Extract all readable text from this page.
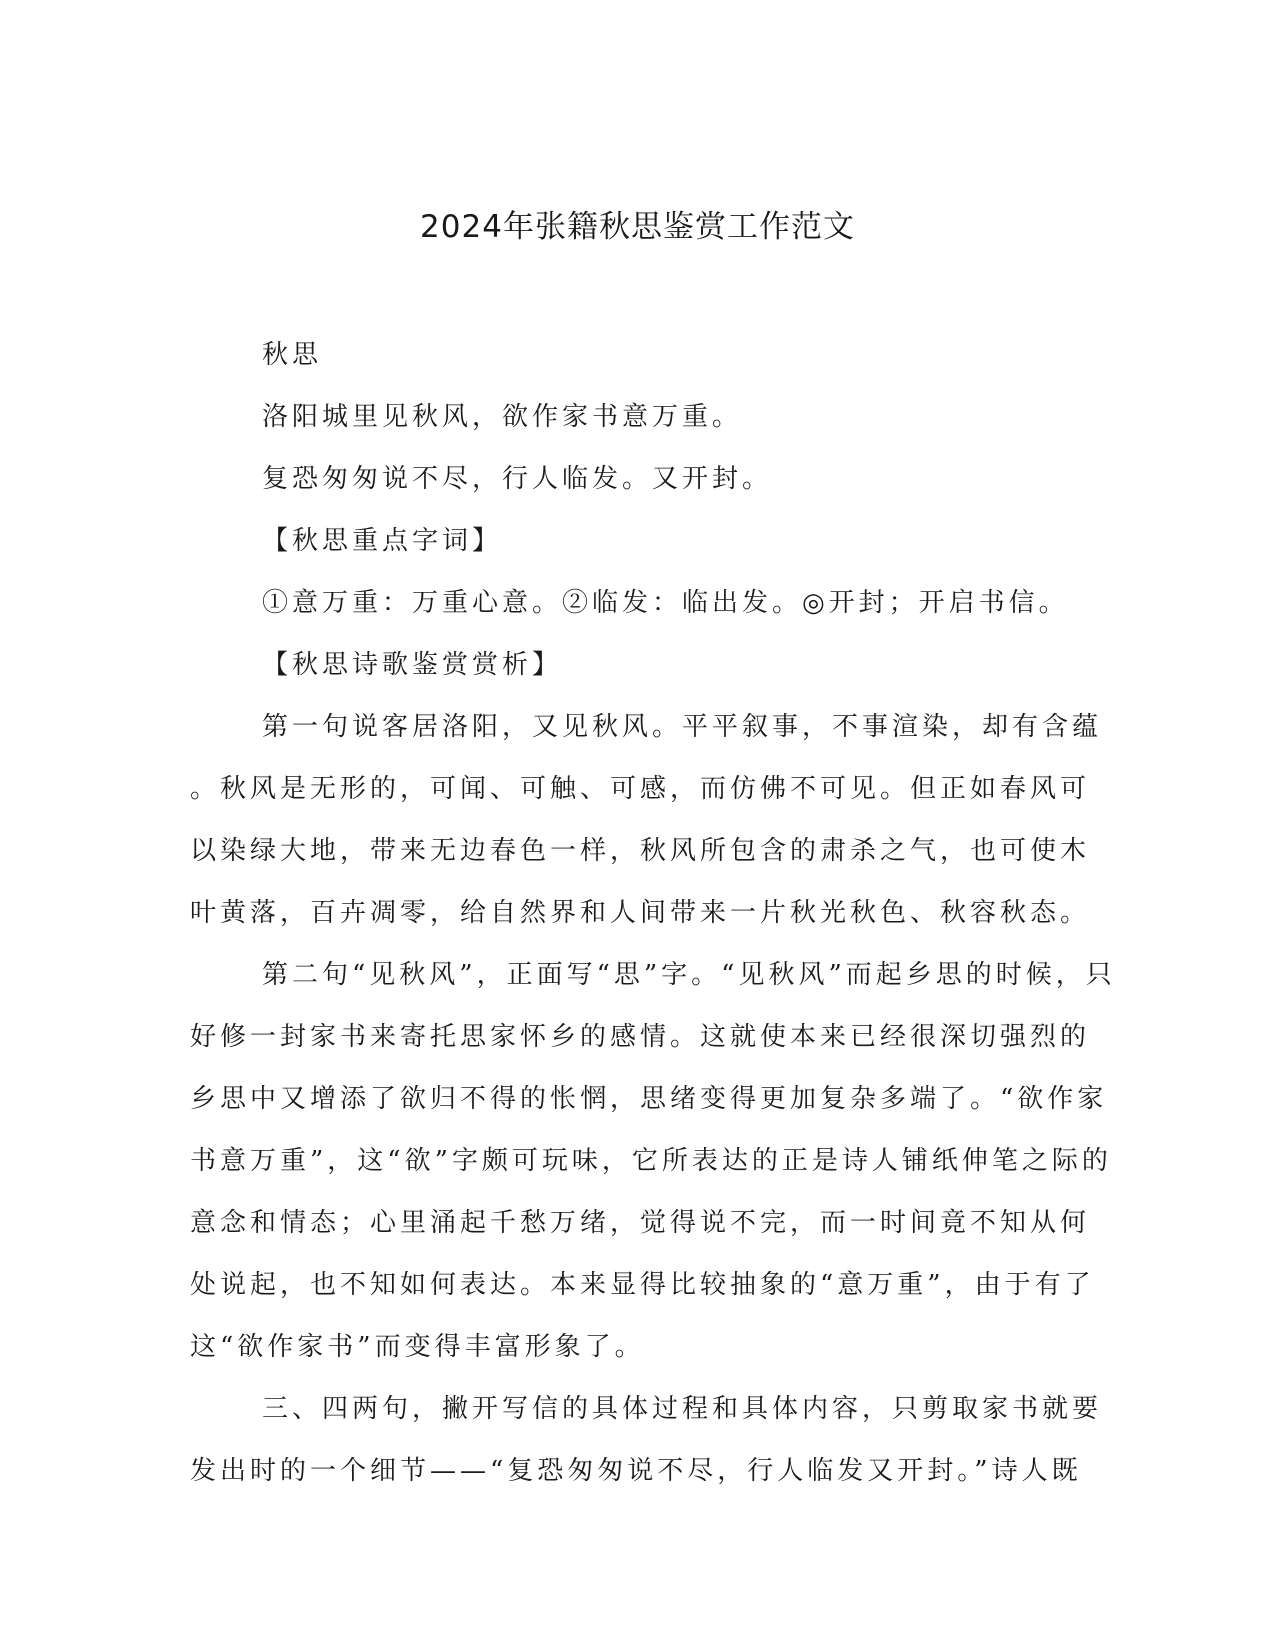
2024年张籍秋思鉴赏工作范文

秋思

洛阳城里见秋风，欲作家书意万重。

复恐匆匆说不尽，行人临发。又开封。

【秋思重点字词】

①意万重：万重心意。②临发：临出发。◎开封；开启书信。

【秋思诗歌鉴赏赏析】

第一句说客居洛阳，又见秋风。平平叙事，不事渲染，却有含蕴

。秋风是无形的，可闻、可触、可感，而仿佛不可见。但正如春风可

以染绿大地，带来无边春色一样，秋风所包含的肃杀之气，也可使木

叶黄落，百卉凋零，给自然界和人间带来一片秋光秋色、秋容秋态。

第二句“见秋风”，正面写“思”字。“见秋风”而起乡思的时候，只

好修一封家书来寄托思家怀乡的感情。这就使本来已经很深切强烈的

乡思中又增添了欲归不得的怅惘，思绪变得更加复杂多端了。“欲作家

书意万重”，这“欲”字颇可玩味，它所表达的正是诗人铺纸伸笔之际的

意念和情态；心里涌起千愁万绪，觉得说不完，而一时间竟不知从何

处说起，也不知如何表达。本来显得比较抽象的“意万重”，由于有了

这“欲作家书”而变得丰富形象了。

三、四两句，撇开写信的具体过程和具体内容，只剪取家书就要

发出时的一个细节——“复恐匆匆说不尽，行人临发又开封。”诗人既
